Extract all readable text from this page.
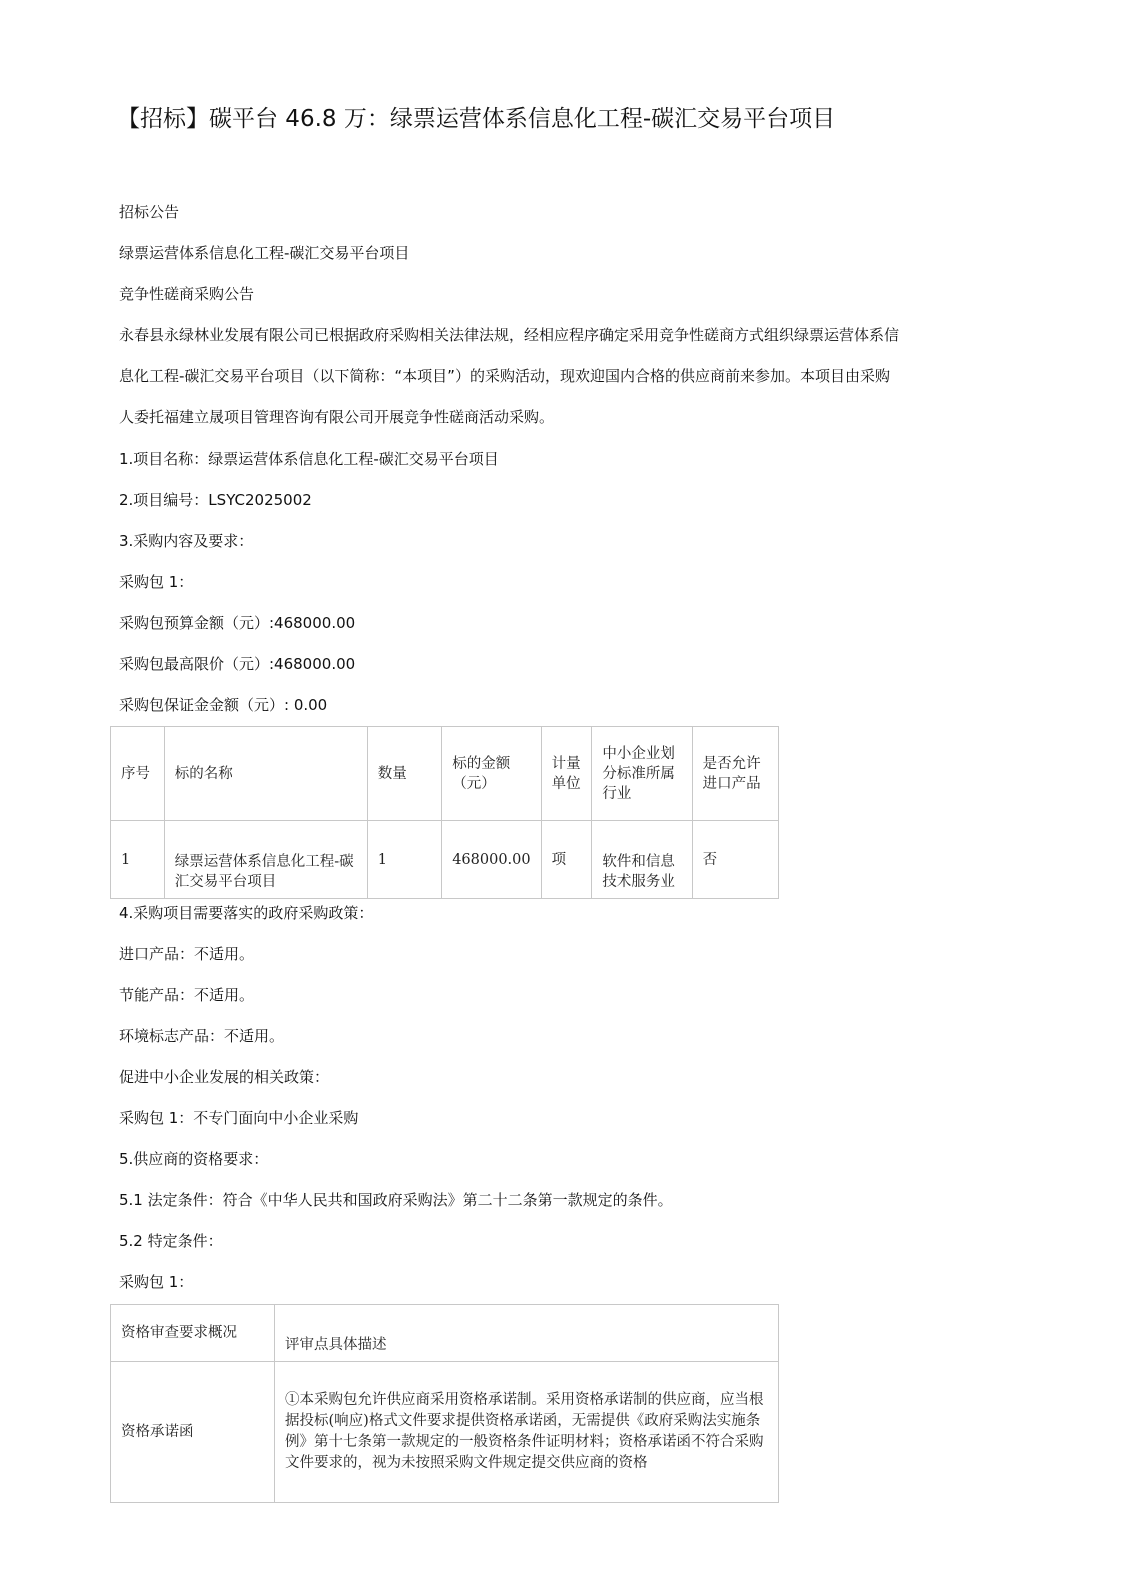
【招标】碳平台 46.8 万：绿票运营体系信息化工程-碳汇交易平台项目

招标公告

绿票运营体系信息化工程-碳汇交易平台项目

竞争性磋商采购公告

永春县永绿林业发展有限公司已根据政府采购相关法律法规，经相应程序确定采用竞争性磋商方式组织绿票运营体系信

息化工程-碳汇交易平台项目（以下简称：“本项目”）的采购活动，现欢迎国内合格的供应商前来参加。本项目由采购

人委托福建立晟项目管理咨询有限公司开展竞争性磋商活动采购。

1.项目名称：绿票运营体系信息化工程-碳汇交易平台项目

2.项目编号：LSYC2025002

3.采购内容及要求：

采购包 1：

采购包预算金额（元）:468000.00

采购包最高限价（元）:468000.00

采购包保证金金额（元）: 0.00

序号	标的名称	数量	标的金额（元）	计量单位	中小企业划分标准所属行业	是否允许进口产品
1	绿票运营体系信息化工程-碳汇交易平台项目	1	468000.00	项	软件和信息技术服务业	否

4.采购项目需要落实的政府采购政策：

进口产品：不适用。

节能产品：不适用。

环境标志产品：不适用。

促进中小企业发展的相关政策：

采购包 1：不专门面向中小企业采购

5.供应商的资格要求：

5.1 法定条件：符合《中华人民共和国政府采购法》第二十二条第一款规定的条件。

5.2 特定条件：

采购包 1：

资格审查要求概况	评审点具体描述
资格承诺函	①本采购包允许供应商采用资格承诺制。采用资格承诺制的供应商，应当根据投标(响应)格式文件要求提供资格承诺函，无需提供《政府采购法实施条例》第十七条第一款规定的一般资格条件证明材料；资格承诺函不符合采购文件要求的，视为未按照采购文件规定提交供应商的资格
